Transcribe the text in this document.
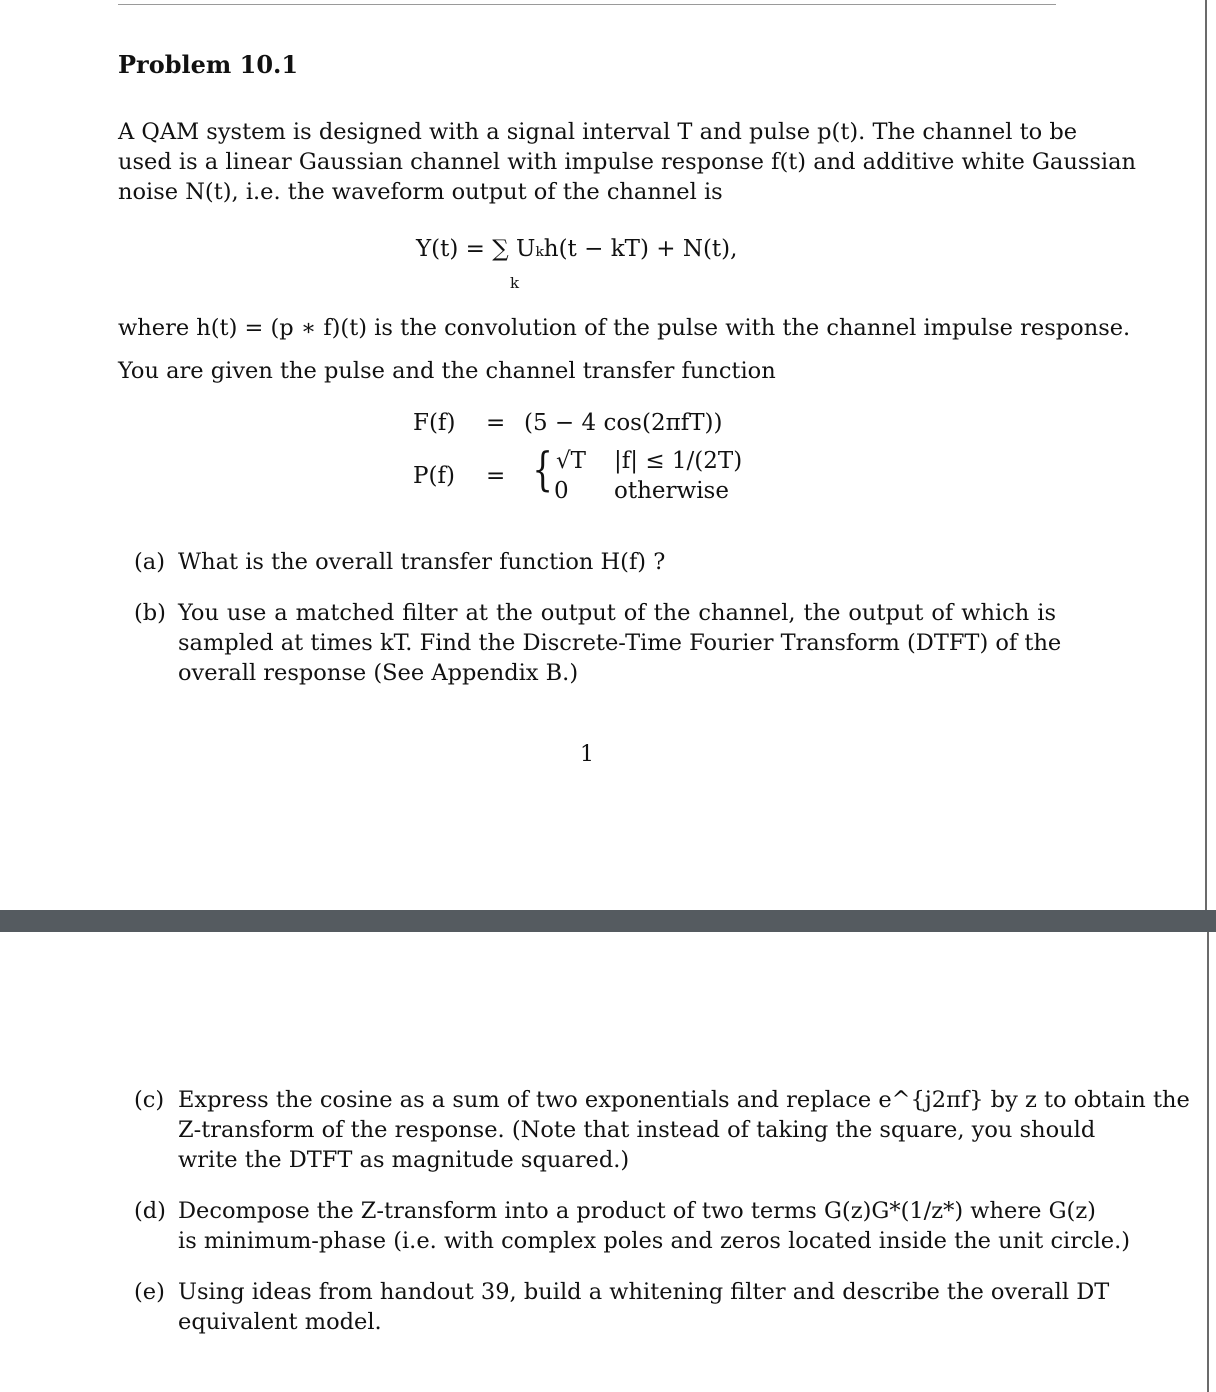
Problem 10.1
A QAM system is designed with a signal interval T and pulse p(t). The channel to be
used is a linear Gaussian channel with impulse response f(t) and additive white Gaussian
noise N(t), i.e. the waveform output of the channel is
Y(t) = ∑ Uₖh(t − kT) + N(t),
k
where h(t) = (p ∗ f)(t) is the convolution of the pulse with the channel impulse response.
You are given the pulse and the channel transfer function
F(f) = (5 − 4 cos(2πfT))
P(f) = { √T |f| ≤ 1/(2T)
0 otherwise
(a) What is the overall transfer function H(f) ?
(b) You use a matched filter at the output of the channel, the output of which is
sampled at times kT. Find the Discrete-Time Fourier Transform (DTFT) of the
overall response (See Appendix B.)
1
(c) Express the cosine as a sum of two exponentials and replace e^{j2πf} by z to obtain the
Z-transform of the response. (Note that instead of taking the square, you should
write the DTFT as magnitude squared.)
(d) Decompose the Z-transform into a product of two terms G(z)G*(1/z*) where G(z)
is minimum-phase (i.e. with complex poles and zeros located inside the unit circle.)
(e) Using ideas from handout 39, build a whitening filter and describe the overall DT
equivalent model.
